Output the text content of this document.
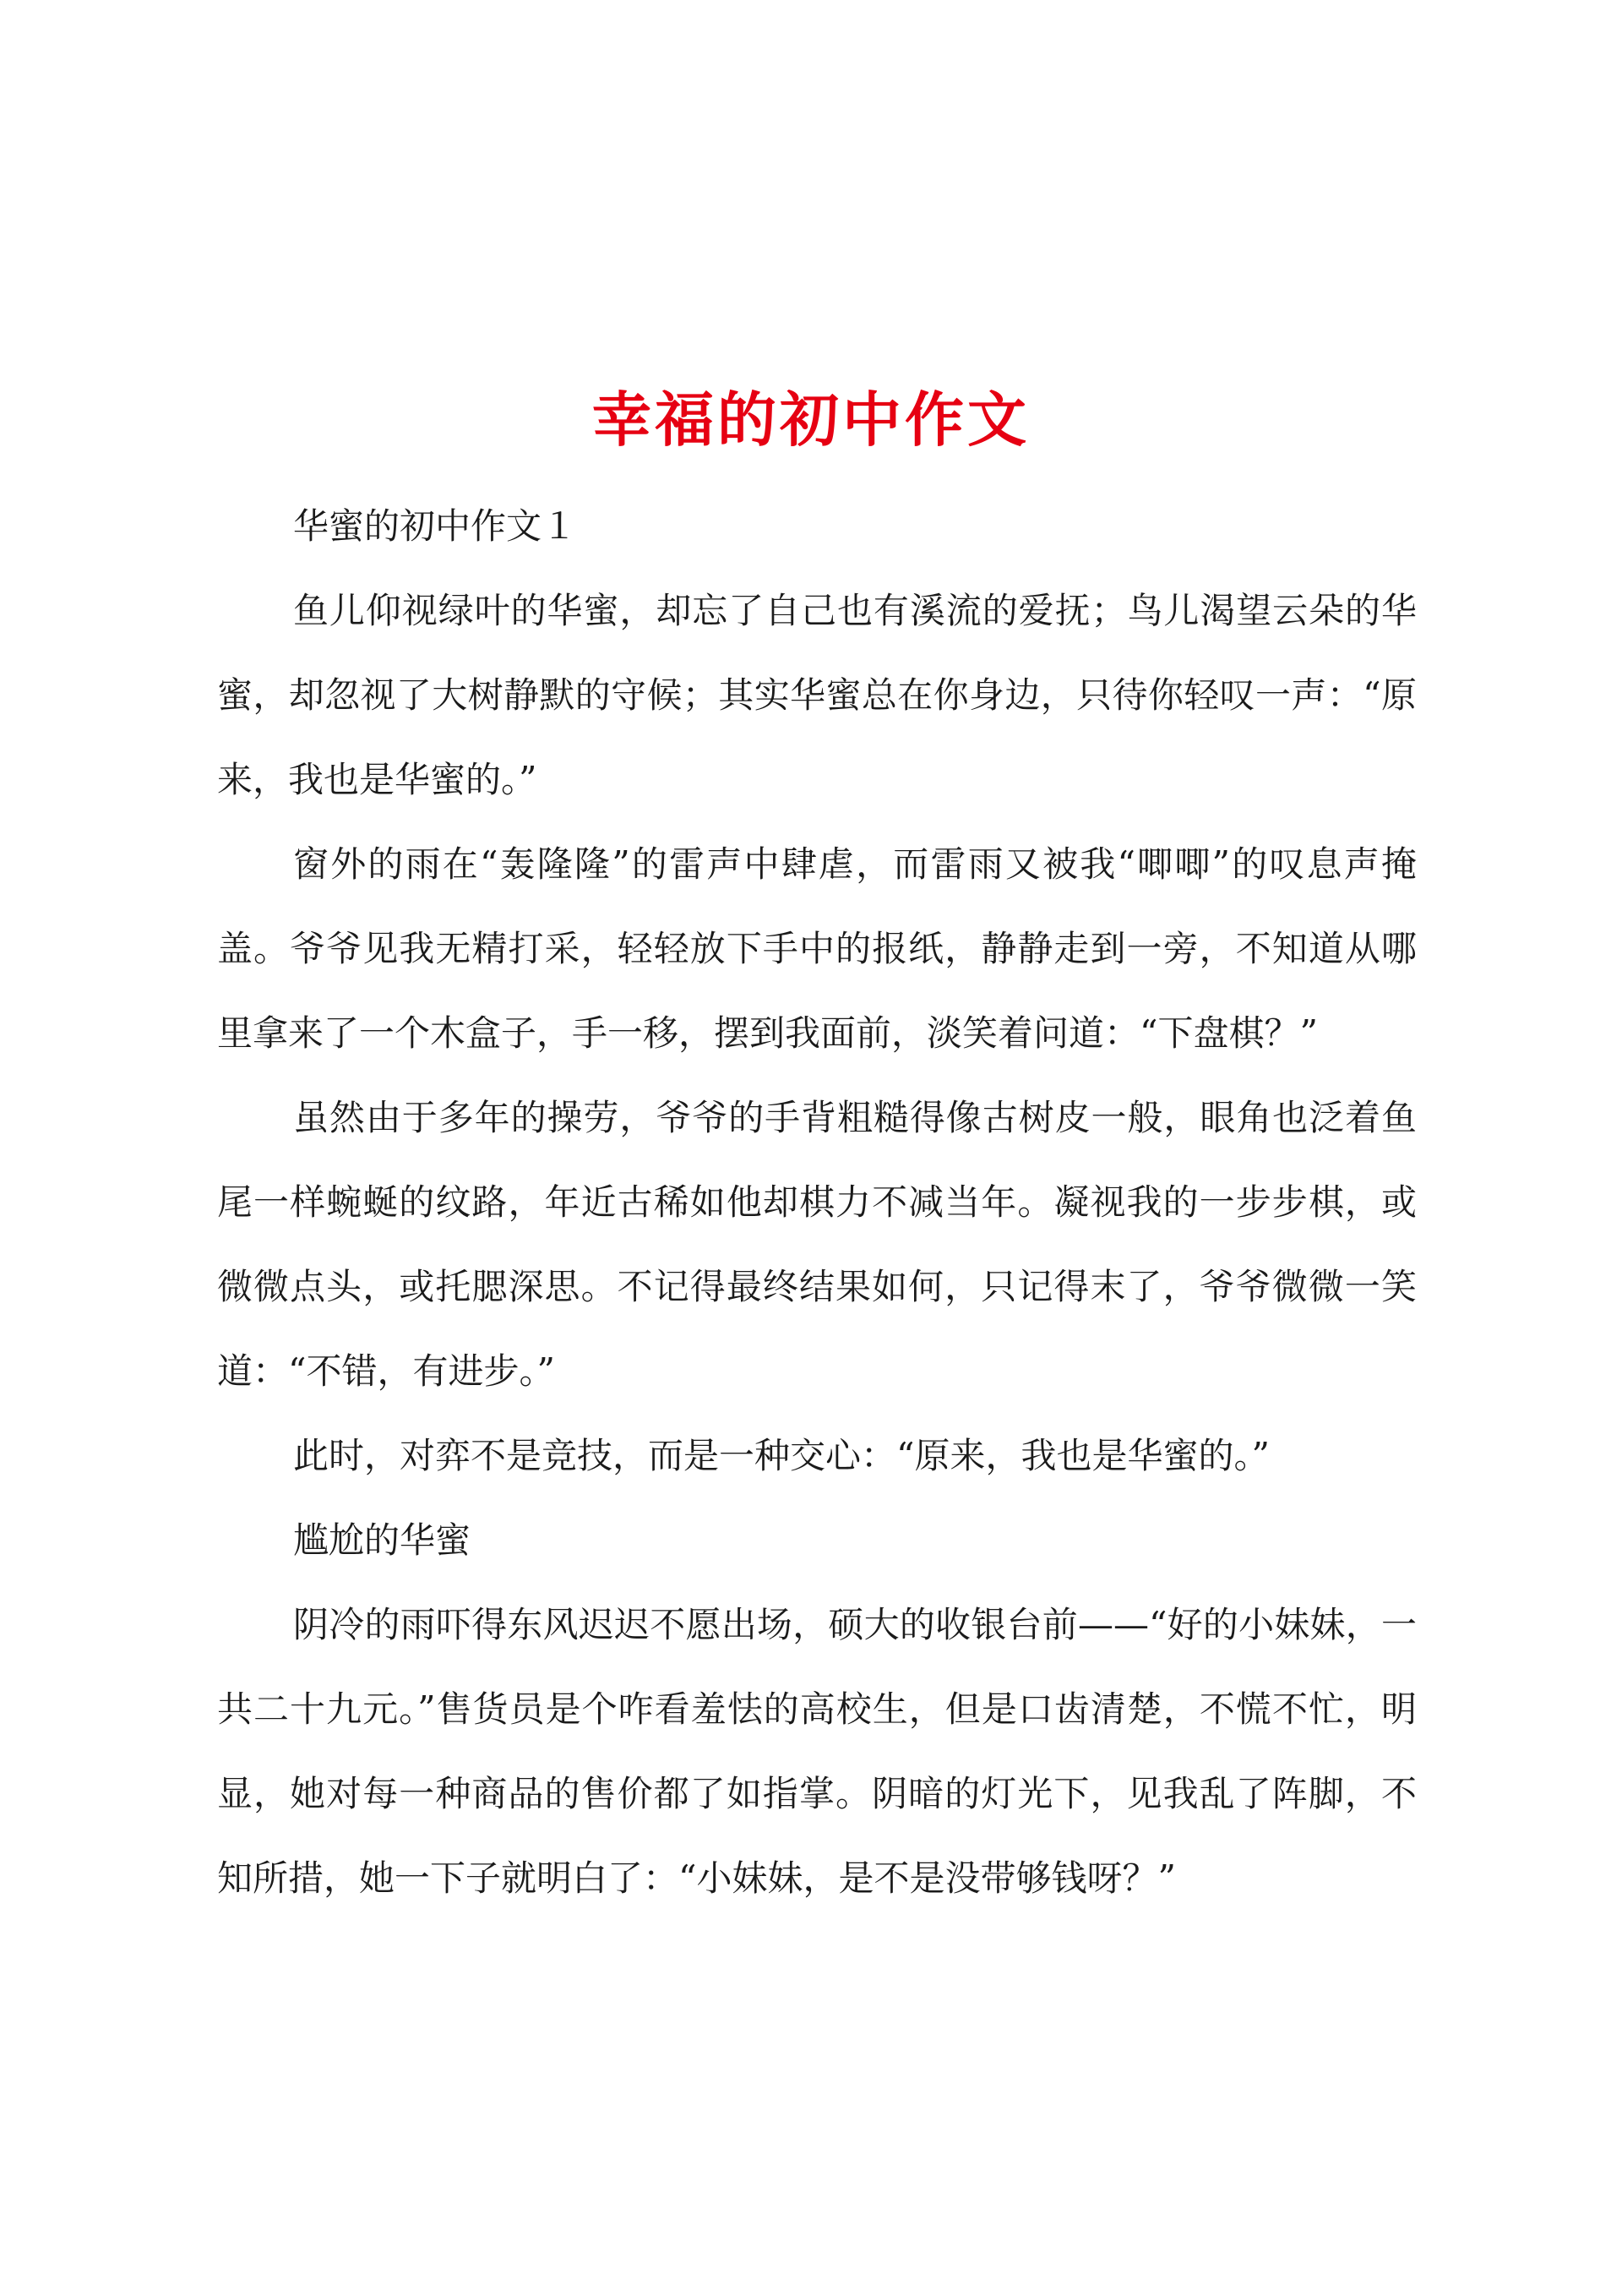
幸福的初中作文

华蜜的初中作文１

鱼儿仰视绿叶的华蜜，却忘了自己也有溪流的爱抚；鸟儿渴望云朵的华蜜，却忽视了大树静默的守候；其实华蜜总在你身边，只待你轻叹一声：“原来，我也是华蜜的。”

窗外的雨在“轰隆隆”的雷声中肆虐，而雷雨又被我“唧唧”的叹息声掩盖。爷爷见我无精打采，轻轻放下手中的报纸，静静走到一旁，不知道从哪里拿来了一个木盒子，手一移，摆到我面前，淡笑着问道：“下盘棋？”

虽然由于多年的操劳，爷爷的手背粗糙得像古树皮一般，眼角也泛着鱼尾一样蜿蜒的纹路，年近古稀如他却棋力不减当年。凝视我的一步步棋，或微微点头，或托腮深思。不记得最终结果如何，只记得末了，爷爷微微一笑道：“不错，有进步。”

此时，对弈不是竞技，而是一种交心：“原来，我也是华蜜的。”

尴尬的华蜜

阴冷的雨吓得东风迟迟不愿出场，硕大的收银台前——“好的小妹妹，一共二十九元。”售货员是个咋看羞怯的高校生，但是口齿清楚，不慌不忙，明显，她对每一种商品的售价都了如指掌。阴暗的灯光下，见我乱了阵脚，不知所措，她一下子就明白了：“小妹妹，是不是没带够钱呀？”
